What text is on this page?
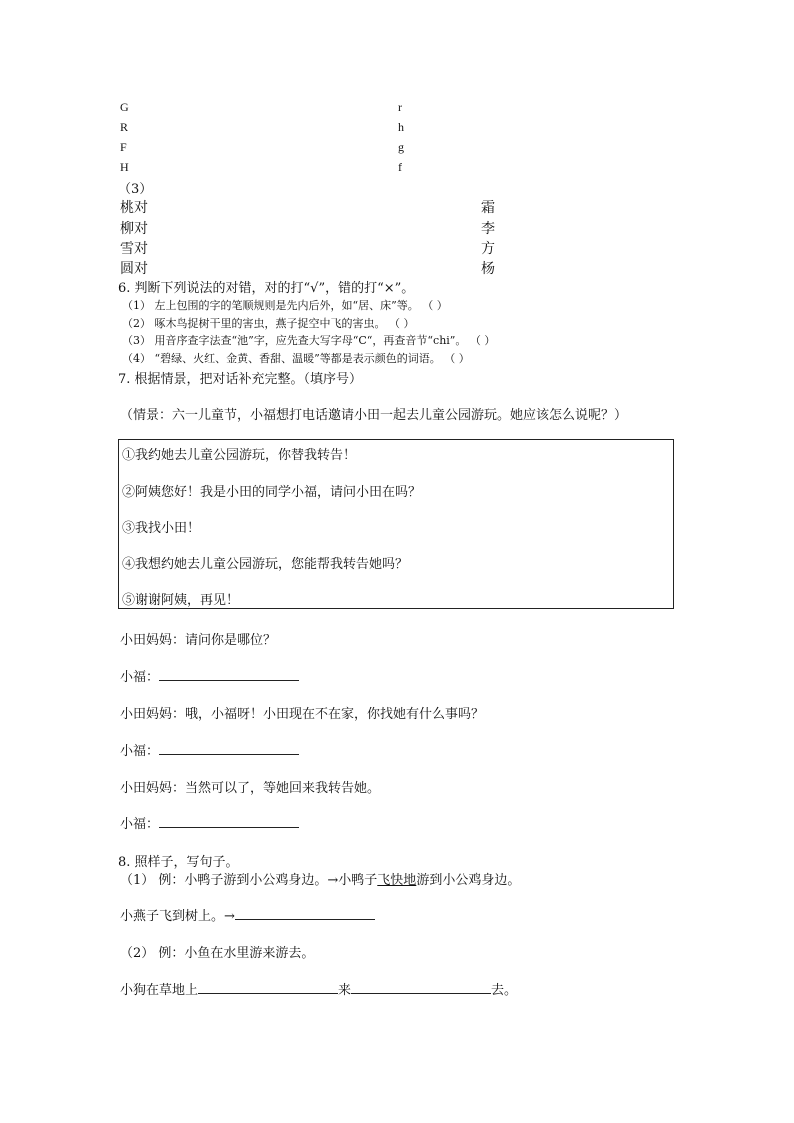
G
R
F
H
r
h
g
f
（3）
桃对
柳对
雪对
圆对
霜
李
方
杨
6. 判断下列说法的对错，对的打“√”，错的打“×”。
（1） 左上包围的字的笔顺规则是先内后外，如“居、床”等。 （ ）
（2） 啄木鸟捉树干里的害虫，燕子捉空中飞的害虫。 （ ）
（3） 用音序查字法查“池”字，应先查大写字母“C“，再查音节“chi”。 （ ）
（4） “碧绿、火红、金黄、香甜、温暖”等都是表示颜色的词语。 （ ）
7. 根据情景，把对话补充完整。（填序号）
（情景：六一儿童节，小福想打电话邀请小田一起去儿童公园游玩。她应该怎么说呢？）
①我约她去儿童公园游玩，你替我转告！
②阿姨您好！我是小田的同学小福，请问小田在吗？
③我找小田！
④我想约她去儿童公园游玩，您能帮我转告她吗？
⑤谢谢阿姨，再见！
小田妈妈：请问你是哪位？
小福：
小田妈妈：哦，小福呀！小田现在不在家，你找她有什么事吗？
小福：
小田妈妈：当然可以了，等她回来我转告她。
小福：
8. 照样子，写句子。
（1） 例：小鸭子游到小公鸡身边。→小鸭子飞快地游到小公鸡身边。
小燕子飞到树上。→
（2） 例：小鱼在水里游来游去。
小狗在草地上	来	去。
